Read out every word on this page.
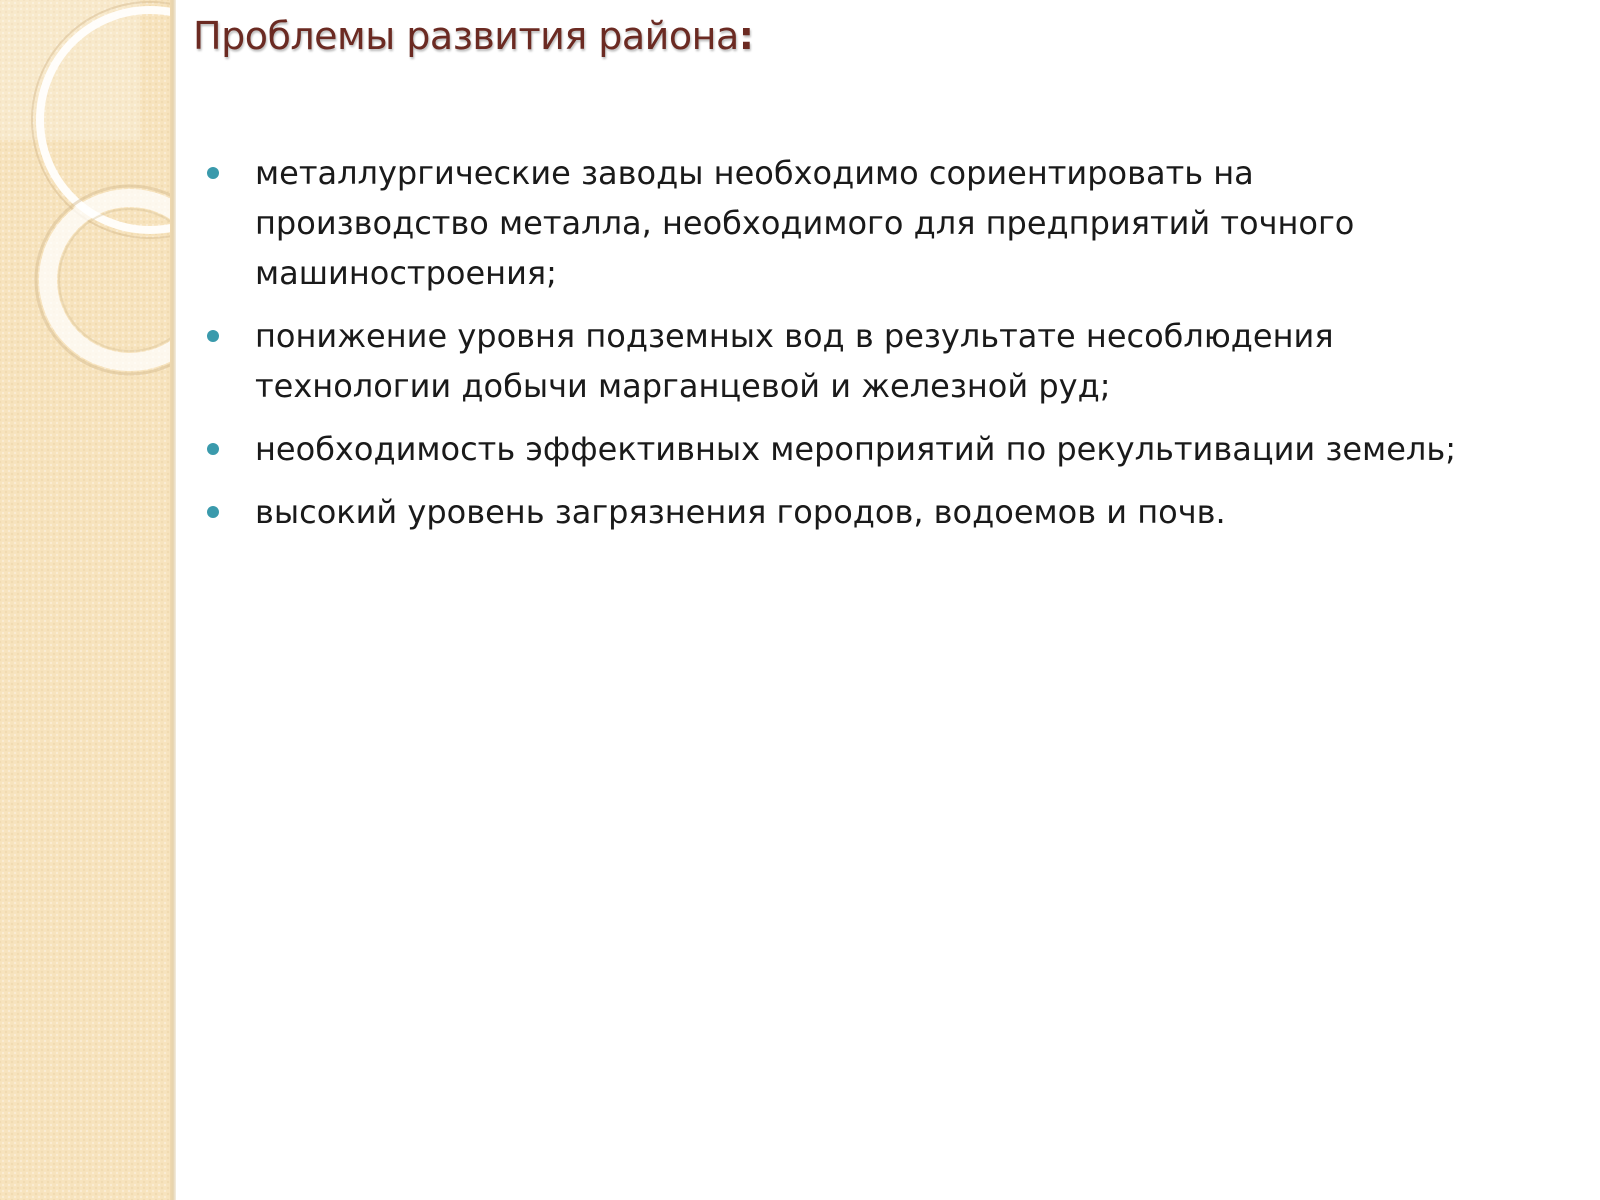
Проблемы развития района:
металлургические заводы необходимо сориентировать на производство металла, необходимого для предприятий точного машиностроения;
понижение уровня подземных вод в результате несоблюдения технологии добычи марганцевой и железной руд;
необходимость эффективных мероприятий по рекультивации земель;
высокий уровень загрязнения городов, водоемов и почв.
